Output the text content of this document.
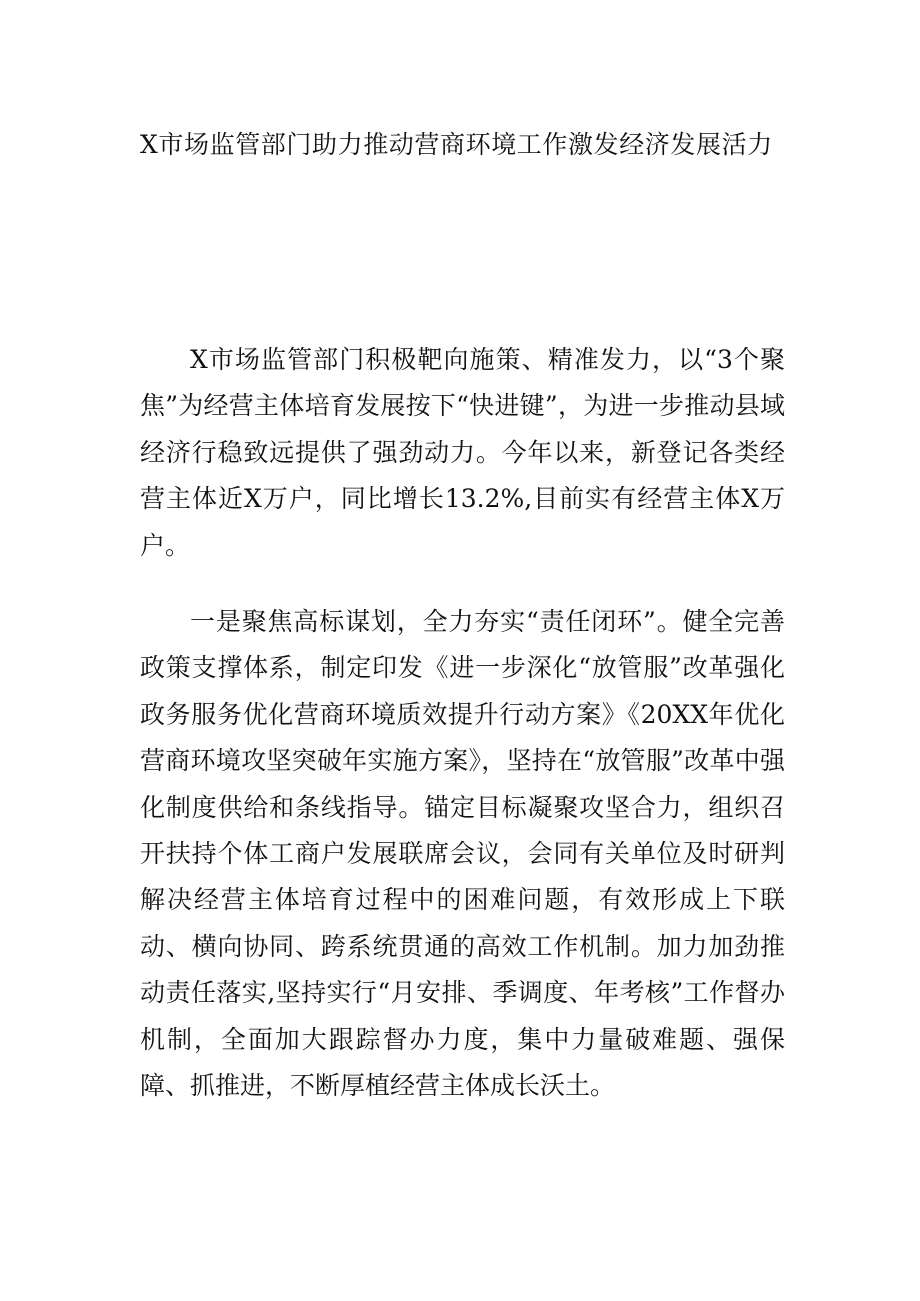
X市场监管部门助力推动营商环境工作激发经济发展活力

X市场监管部门积极靶向施策、精准发力，以“3个聚焦”为经营主体培育发展按下“快进键”，为进一步推动县域经济行稳致远提供了强劲动力。今年以来，新登记各类经营主体近X万户，同比增长13.2%,目前实有经营主体X万户。

一是聚焦高标谋划，全力夯实“责任闭环”。健全完善政策支撑体系，制定印发《进一步深化“放管服”改革强化政务服务优化营商环境质效提升行动方案》《20XX年优化营商环境攻坚突破年实施方案》，坚持在“放管服”改革中强化制度供给和条线指导。锚定目标凝聚攻坚合力，组织召开扶持个体工商户发展联席会议，会同有关单位及时研判解决经营主体培育过程中的困难问题，有效形成上下联动、横向协同、跨系统贯通的高效工作机制。加力加劲推动责任落实,坚持实行“月安排、季调度、年考核”工作督办机制，全面加大跟踪督办力度，集中力量破难题、强保障、抓推进，不断厚植经营主体成长沃土。
